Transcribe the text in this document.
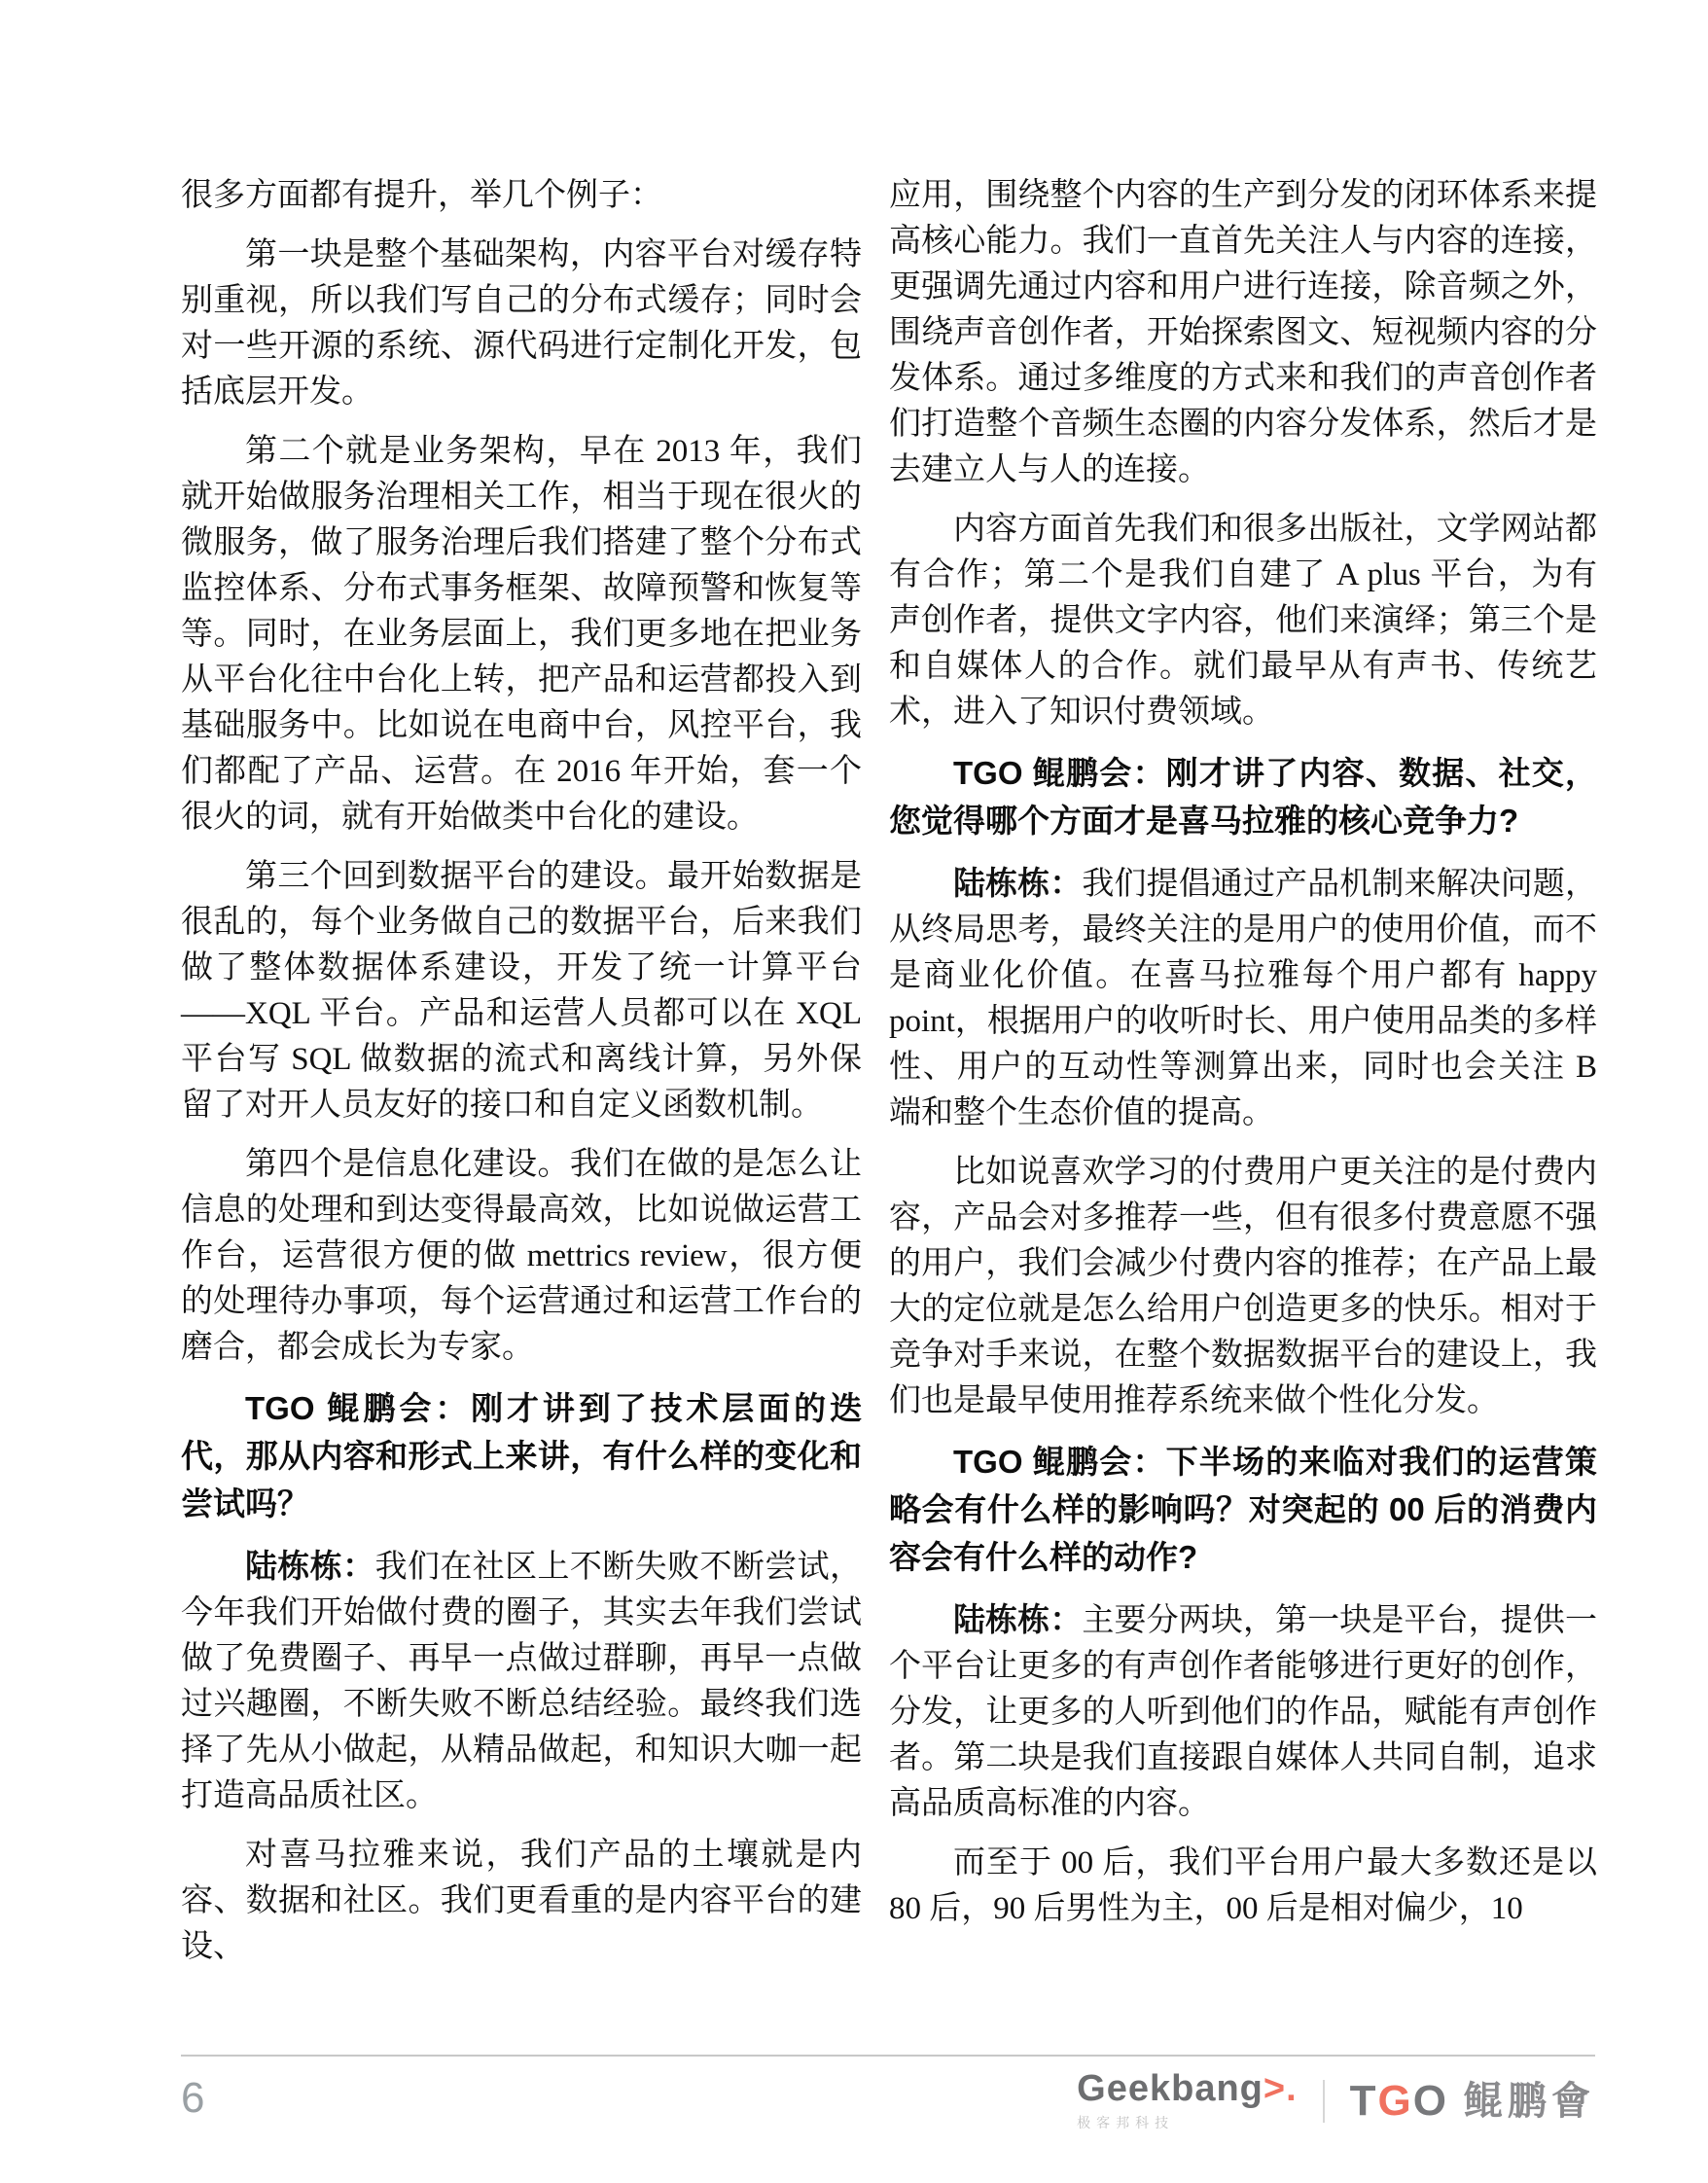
很多方面都有提升，举几个例子：

第一块是整个基础架构，内容平台对缓存特别重视，所以我们写自己的分布式缓存；同时会对一些开源的系统、源代码进行定制化开发，包括底层开发。

第二个就是业务架构，早在 2013 年，我们就开始做服务治理相关工作，相当于现在很火的微服务，做了服务治理后我们搭建了整个分布式监控体系、分布式事务框架、故障预警和恢复等等。同时，在业务层面上，我们更多地在把业务从平台化往中台化上转，把产品和运营都投入到基础服务中。比如说在电商中台，风控平台，我们都配了产品、运营。在 2016 年开始，套一个很火的词，就有开始做类中台化的建设。

第三个回到数据平台的建设。最开始数据是很乱的，每个业务做自己的数据平台，后来我们做了整体数据体系建设，开发了统一计算平台——XQL 平台。产品和运营人员都可以在 XQL 平台写 SQL 做数据的流式和离线计算，另外保留了对开人员友好的接口和自定义函数机制。

第四个是信息化建设。我们在做的是怎么让信息的处理和到达变得最高效，比如说做运营工作台，运营很方便的做 mettrics review，很方便的处理待办事项，每个运营通过和运营工作台的磨合，都会成长为专家。

TGO 鲲鹏会：刚才讲到了技术层面的迭代，那从内容和形式上来讲，有什么样的变化和尝试吗？

陆栋栋：我们在社区上不断失败不断尝试，今年我们开始做付费的圈子，其实去年我们尝试做了免费圈子、再早一点做过群聊，再早一点做过兴趣圈，不断失败不断总结经验。最终我们选择了先从小做起，从精品做起，和知识大咖一起打造高品质社区。

对喜马拉雅来说，我们产品的土壤就是内容、数据和社区。我们更看重的是内容平台的建设、

应用，围绕整个内容的生产到分发的闭环体系来提高核心能力。我们一直首先关注人与内容的连接，更强调先通过内容和用户进行连接，除音频之外，围绕声音创作者，开始探索图文、短视频内容的分发体系。通过多维度的方式来和我们的声音创作者们打造整个音频生态圈的内容分发体系，然后才是去建立人与人的连接。

内容方面首先我们和很多出版社，文学网站都有合作；第二个是我们自建了 A plus 平台，为有声创作者，提供文字内容，他们来演绎；第三个是和自媒体人的合作。就们最早从有声书、传统艺术，进入了知识付费领域。

TGO 鲲鹏会：刚才讲了内容、数据、社交，您觉得哪个方面才是喜马拉雅的核心竞争力?

陆栋栋：我们提倡通过产品机制来解决问题，从终局思考，最终关注的是用户的使用价值，而不是商业化价值。在喜马拉雅每个用户都有 happy point，根据用户的收听时长、用户使用品类的多样性、用户的互动性等测算出来，同时也会关注 B 端和整个生态价值的提高。

比如说喜欢学习的付费用户更关注的是付费内容，产品会对多推荐一些，但有很多付费意愿不强的用户，我们会减少付费内容的推荐；在产品上最大的定位就是怎么给用户创造更多的快乐。相对于竞争对手来说，在整个数据数据平台的建设上，我们也是最早使用推荐系统来做个性化分发。

TGO 鲲鹏会：下半场的来临对我们的运营策略会有什么样的影响吗？对突起的 00 后的消费内容会有什么样的动作?

陆栋栋：主要分两块，第一块是平台，提供一个平台让更多的有声创作者能够进行更好的创作，分发，让更多的人听到他们的作品，赋能有声创作者。第二块是我们直接跟自媒体人共同自制，追求高品质高标准的内容。

而至于 00 后，我们平台用户最大多数还是以 80 后，90 后男性为主，00 后是相对偏少，10

6	Geekbang>.
极客邦科技	TGO 鲲鹏會
